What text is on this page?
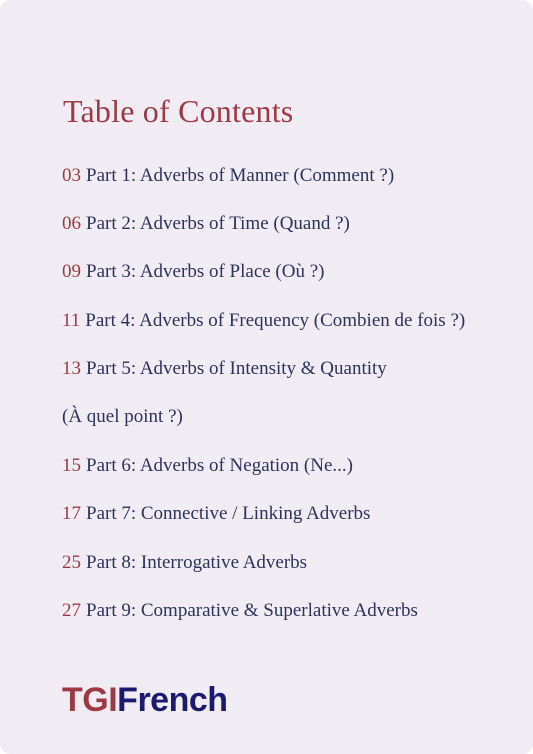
Table of Contents
03 Part 1: Adverbs of Manner (Comment ?)
06 Part 2: Adverbs of Time (Quand ?)
09 Part 3: Adverbs of Place (Où ?)
11 Part 4: Adverbs of Frequency (Combien de fois ?)
13 Part 5: Adverbs of Intensity & Quantity
(À quel point ?)
15 Part 6: Adverbs of Negation (Ne...)
17 Part 7: Connective / Linking Adverbs
25 Part 8: Interrogative Adverbs
27 Part 9: Comparative & Superlative Adverbs
TGIFrench
